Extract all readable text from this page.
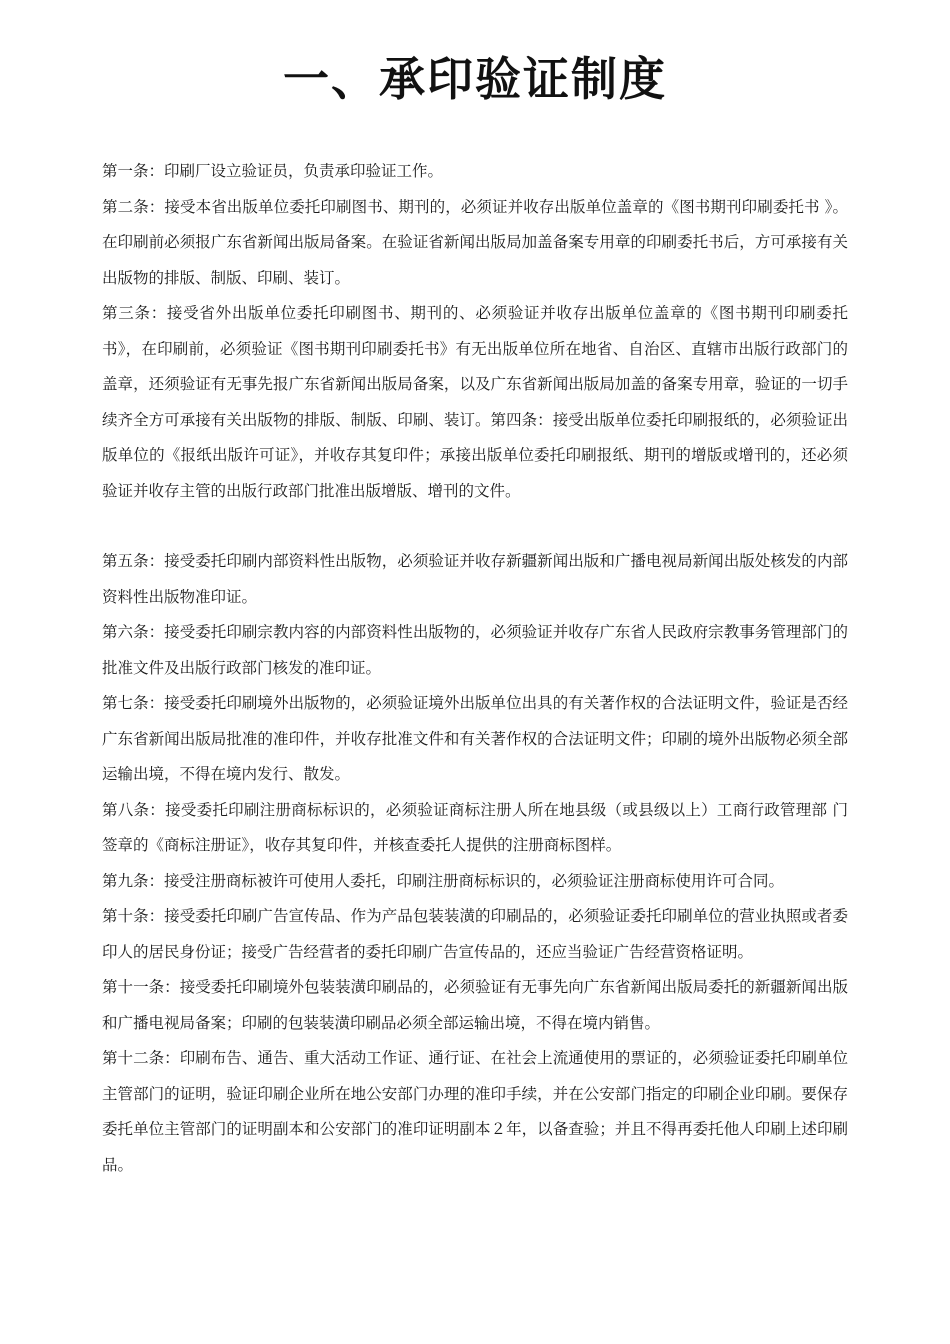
一、承印验证制度

第一条：印刷厂设立验证员，负责承印验证工作。

第二条：接受本省出版单位委托印刷图书、期刊的，必须证并收存出版单位盖章的《图书期刊印刷委托书 》。在印刷前必须报广东省新闻出版局备案。在验证省新闻出版局加盖备案专用章的印刷委托书后，方可承接有关出版物的排版、制版、印刷、装订。

第三条：接受省外出版单位委托印刷图书、期刊的、必须验证并收存出版单位盖章的《图书期刊印刷委托书》，在印刷前，必须验证《图书期刊印刷委托书》有无出版单位所在地省、自治区、直辖市出版行政部门的盖章，还须验证有无事先报广东省新闻出版局备案，以及广东省新闻出版局加盖的备案专用章，验证的一切手续齐全方可承接有关出版物的排版、制版、印刷、装订。第四条：接受出版单位委托印刷报纸的，必须验证出版单位的《报纸出版许可证》，并收存其复印件；承接出版单位委托印刷报纸、期刊的增版或增刊的，还必须验证并收存主管的出版行政部门批准出版增版、增刊的文件。

第五条：接受委托印刷内部资料性出版物，必须验证并收存新疆新闻出版和广播电视局新闻出版处核发的内部资料性出版物准印证。

第六条：接受委托印刷宗教内容的内部资料性出版物的，必须验证并收存广东省人民政府宗教事务管理部门的批准文件及出版行政部门核发的准印证。

第七条：接受委托印刷境外出版物的，必须验证境外出版单位出具的有关著作权的合法证明文件，验证是否经广东省新闻出版局批准的准印件，并收存批准文件和有关著作权的合法证明文件；印刷的境外出版物必须全部运输出境，不得在境内发行、散发。

第八条：接受委托印刷注册商标标识的，必须验证商标注册人所在地县级（或县级以上）工商行政管理部 门签章的《商标注册证》，收存其复印件，并核查委托人提供的注册商标图样。

第九条：接受注册商标被许可使用人委托，印刷注册商标标识的，必须验证注册商标使用许可合同。

第十条：接受委托印刷广告宣传品、作为产品包装装潢的印刷品的，必须验证委托印刷单位的营业执照或者委印人的居民身份证；接受广告经营者的委托印刷广告宣传品的，还应当验证广告经营资格证明。

第十一条：接受委托印刷境外包装装潢印刷品的，必须验证有无事先向广东省新闻出版局委托的新疆新闻出版和广播电视局备案；印刷的包装装潢印刷品必须全部运输出境，不得在境内销售。

第十二条：印刷布告、通告、重大活动工作证、通行证、在社会上流通使用的票证的，必须验证委托印刷单位主管部门的证明，验证印刷企业所在地公安部门办理的准印手续，并在公安部门指定的印刷企业印刷。要保存委托单位主管部门的证明副本和公安部门的准印证明副本２年，以备查验；并且不得再委托他人印刷上述印刷品。
